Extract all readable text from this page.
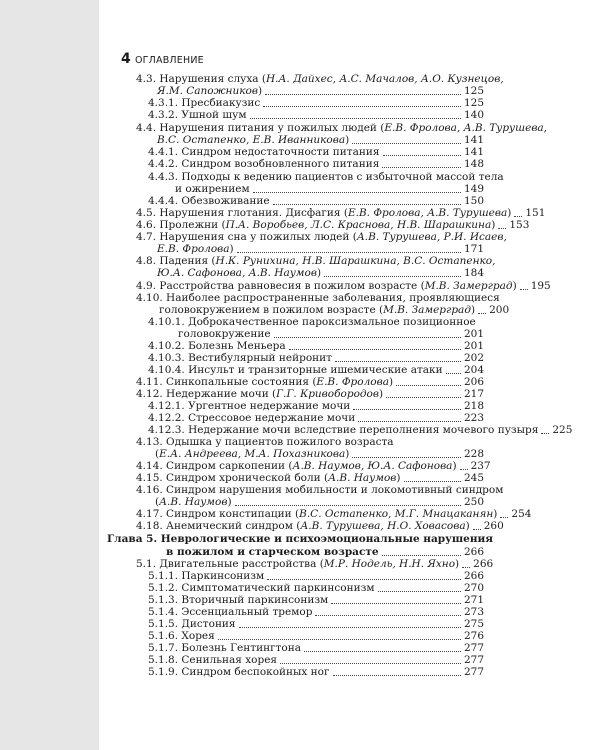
4 ОГЛАВЛЕНИЕ
4.3. Нарушения слуха ( Н.А. Дайхес, А.С. Мачалов, А.О. Кузнецов,
Я.М. Сапожников )	125
4.3.1. Пресбиакузис	125
4.3.2. Ушной шум	140
4.4. Нарушения питания у пожилых людей ( Е.В. Фролова, А.В. Турушева,
В.С. Остапенко, Е.В. Иванникова )	141
4.4.1. Синдром недостаточности питания	141
4.4.2. Синдром возобновленного питания	148
4.4.3. Подходы к ведению пациентов с избыточной массой тела
и ожирением	149
4.4.4. Обезвоживание	150
4.5. Нарушения глотания. Дисфагия ( Е.В. Фролова, А.В. Турушева ) 151
4.6. Пролежни ( П.А. Воробьев, Л.С. Краснова, Н.В. Шарашкина ) 153
4.7. Нарушения сна у пожилых людей ( А.В. Турушева, Р.И. Исаев,
Е.В. Фролова )	171
4.8. Падения ( Н.К. Рунихина, Н.В. Шарашкина, В.С. Остапенко,
Ю.А. Сафонова, А.В. Наумов )	184
4.9. Расстройства равновесия в пожилом возрасте ( М.В. Замерград ) 195
4.10. Наиболее распространенные заболевания, проявляющиеся
головокружением в пожилом возрасте ( М.В. Замерград ) 200
4.10.1. Доброкачественное пароксизмальное позиционное
головокружение	201
4.10.2. Болезнь Меньера	201
4.10.3. Вестибулярный нейронит	202
4.10.4. Инсульт и транзиторные ишемические атаки 204
4.11. Синкопальные состояния ( Е.В. Фролова )	206
4.12. Недержание мочи ( Г.Г. Кривобородов )	217
4.12.1. Ургентное недержание мочи	218
4.12.2. Стрессовое недержание мочи	223
4.12.3. Недержание мочи вследствие переполнения мочевого пузыря 225
4.13. Одышка у пациентов пожилого возраста
( Е.А. Андреева, М.А. Похазникова )	228
4.14. Синдром саркопении ( А.В. Наумов, Ю.А. Сафонова ) 237
4.15. Синдром хронической боли ( А.В. Наумов )	245
4.16. Синдром нарушения мобильности и локомотивный синдром
( А.В. Наумов )	250
4.17. Синдром констипации ( В.С. Остапенко, М.Г. Мнацаканян ) 254
4.18. Анемический синдром ( А.В. Турушева, Н.О. Ховасова ) 260
Глава 5. Неврологические и психоэмоциональные нарушения
в пожилом и старческом возрасте	266
5.1. Двигательные расстройства ( М.Р. Нодель, Н.Н. Яхно ) 266
5.1.1. Паркинсонизм	266
5.1.2. Симптоматический паркинсонизм	270
5.1.3. Вторичный паркинсонизм	271
5.1.4. Эссенциальный тремор	273
5.1.5. Дистония	275
5.1.6. Хорея	276
5.1.7. Болезнь Гентингтона	277
5.1.8. Сенильная хорея	277
5.1.9. Синдром беспокойных ног	277
